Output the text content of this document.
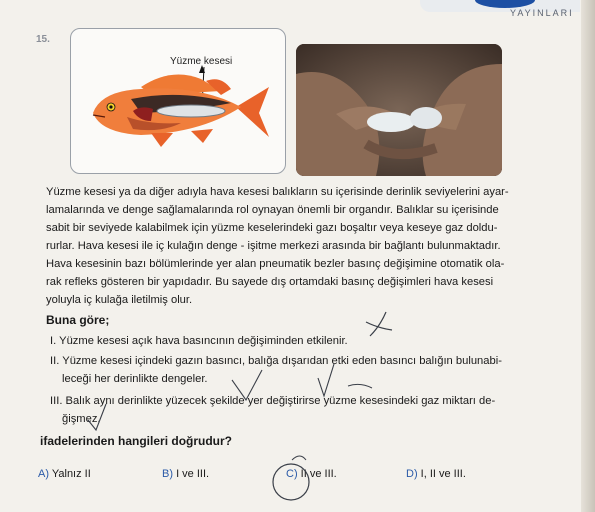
YAYINLARI
15.
Yüzme kesesi
Yüzme kesesi ya da diğer adıyla hava kesesi balıkların su içerisinde derinlik seviyelerini ayar-
lamalarında ve denge sağlamalarında rol oynayan önemli bir organdır. Balıklar su içerisinde
sabit bir seviyede kalabilmek için yüzme keselerindeki gazı boşaltır veya keseye gaz doldu-
rurlar. Hava kesesi ile iç kulağın denge - işitme merkezi arasında bir bağlantı bulunmaktadır.
Hava kesesinin bazı bölümlerinde yer alan pneumatik bezler basınç değişimine otomatik ola-
rak refleks gösteren bir yapıdadır. Bu sayede dış ortamdaki basınç değişimleri hava kesesi
yoluyla iç kulağa iletilmiş olur.
Buna göre;
I. Yüzme kesesi açık hava basıncının değişiminden etkilenir.
II. Yüzme kesesi içindeki gazın basıncı, balığa dışarıdan etki eden basıncı balığın bulunabi-
leceği her derinlikte dengeler.
III. Balık aynı derinlikte yüzecek şekilde yer değiştirirse yüzme kesesindeki gaz miktarı de-
ğişmez.
ifadelerinden hangileri doğrudur?
A) Yalnız II	B) I ve III.	C) II ve III.	D) I, II ve III.
